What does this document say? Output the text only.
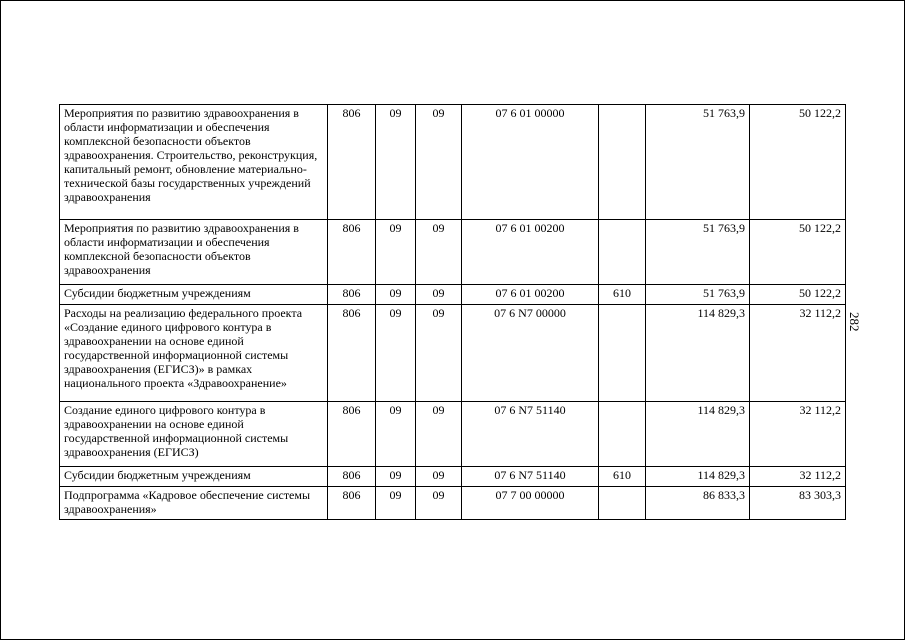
Мероприятия по развитию здравоохранения в области информатизации и обеспечения комплексной безопасности объектов здравоохранения. Строительство, реконструкция, капитальный ремонт, обновление материально-технической базы государственных учреждений здравоохранения	806	09	09	07 6 01 00000		51 763,9	50 122,2
Мероприятия по развитию здравоохранения в области информатизации и обеспечения комплексной безопасности объектов здравоохранения	806	09	09	07 6 01 00200		51 763,9	50 122,2
Субсидии бюджетным учреждениям	806	09	09	07 6 01 00200	610	51 763,9	50 122,2
Расходы на реализацию федерального проекта «Создание единого цифрового контура в здравоохранении на основе единой государственной информационной системы здравоохранения (ЕГИСЗ)» в рамках национального проекта «Здравоохранение»	806	09	09	07 6 N7 00000		114 829,3	32 112,2
Создание единого цифрового контура в здравоохранении на основе единой государственной информационной системы здравоохранения (ЕГИСЗ)	806	09	09	07 6 N7 51140		114 829,3	32 112,2
Субсидии бюджетным учреждениям	806	09	09	07 6 N7 51140	610	114 829,3	32 112,2
Подпрограмма «Кадровое обеспечение системы здравоохранения»	806	09	09	07 7 00 00000		86 833,3	83 303,3
282
